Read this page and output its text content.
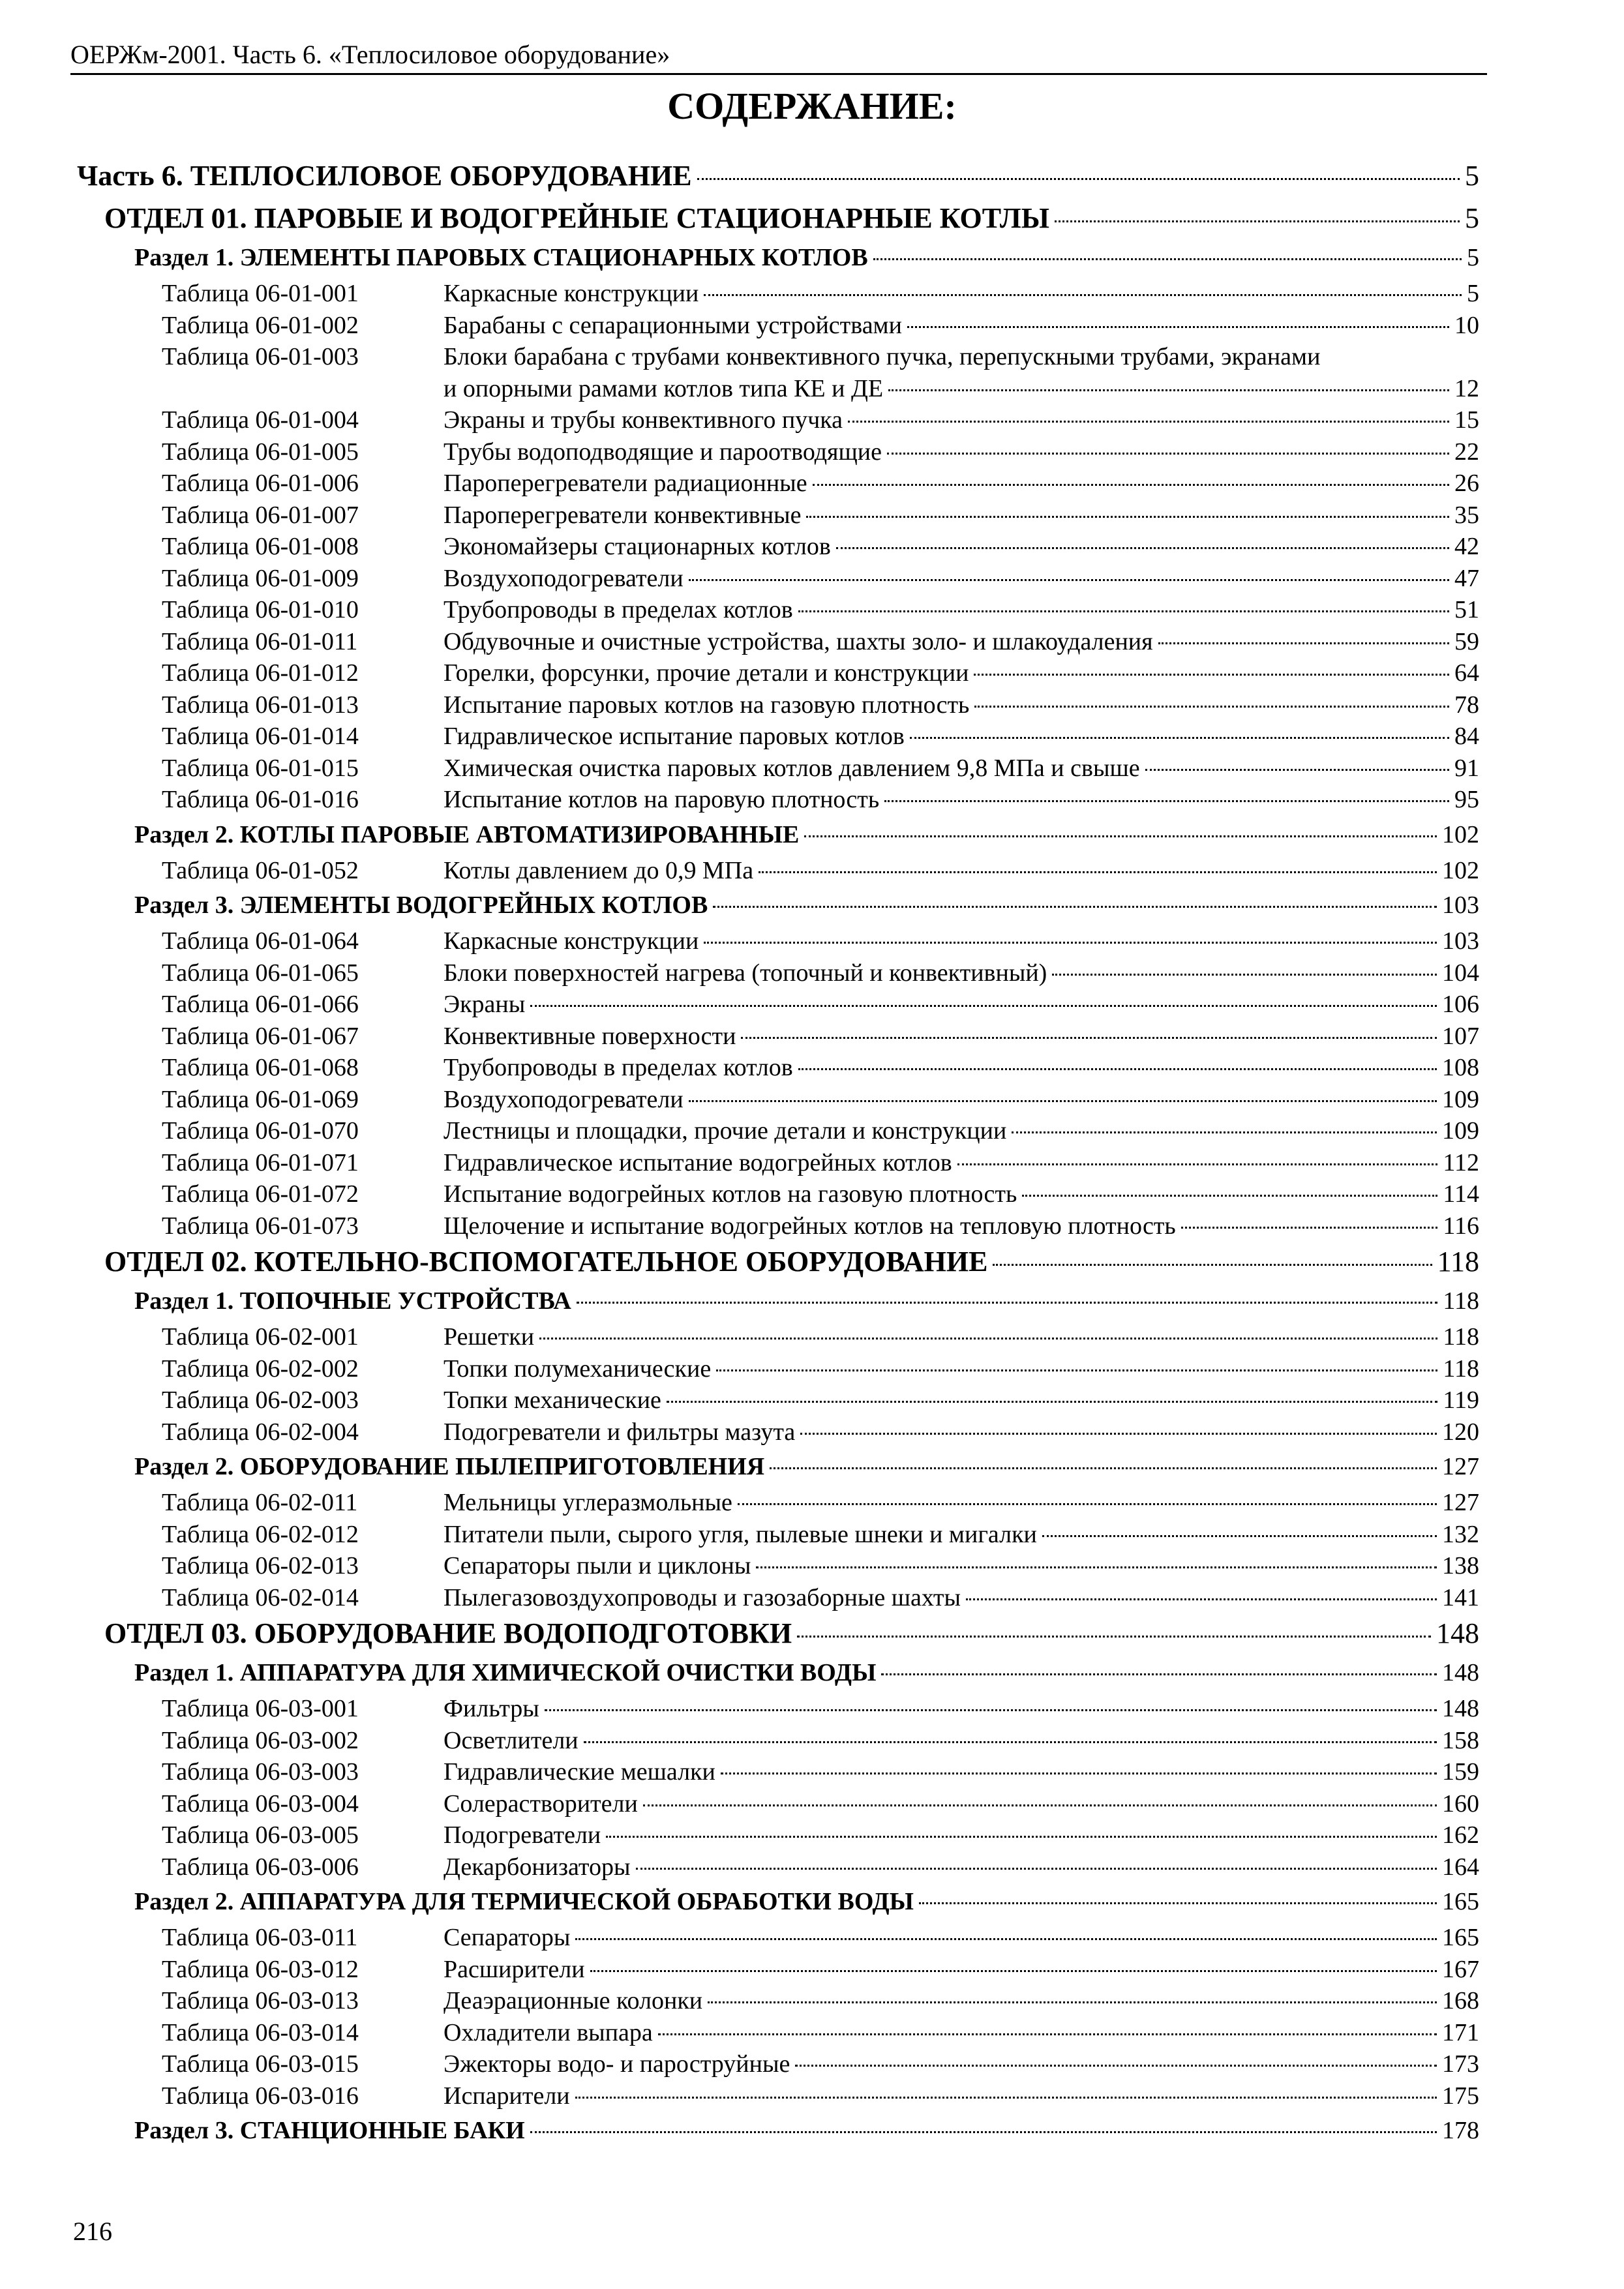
ОЕРЖм-2001. Часть 6. «Теплосиловое оборудование»
СОДЕРЖАНИЕ:
Часть 6. ТЕПЛОСИЛОВОЕ ОБОРУДОВАНИЕ	5
ОТДЕЛ 01. ПАРОВЫЕ И ВОДОГРЕЙНЫЕ СТАЦИОНАРНЫЕ КОТЛЫ	5
Раздел 1. ЭЛЕМЕНТЫ ПАРОВЫХ СТАЦИОНАРНЫХ КОТЛОВ	5
Таблица 06-01-001	Каркасные конструкции	5
Таблица 06-01-002	Барабаны с сепарационными устройствами	10
Таблица 06-01-003	Блоки барабана с трубами конвективного пучка, перепускными трубами, экранами
и опорными рамами котлов типа КЕ и ДЕ	12
Таблица 06-01-004	Экраны и трубы конвективного пучка	15
Таблица 06-01-005	Трубы водоподводящие и пароотводящие	22
Таблица 06-01-006	Пароперегреватели радиационные	26
Таблица 06-01-007	Пароперегреватели конвективные	35
Таблица 06-01-008	Экономайзеры стационарных котлов	42
Таблица 06-01-009	Воздухоподогреватели	47
Таблица 06-01-010	Трубопроводы в пределах котлов	51
Таблица 06-01-011	Обдувочные и очистные устройства, шахты золо- и шлакоудаления	59
Таблица 06-01-012	Горелки, форсунки, прочие детали и конструкции	64
Таблица 06-01-013	Испытание паровых котлов на газовую плотность	78
Таблица 06-01-014	Гидравлическое испытание паровых котлов	84
Таблица 06-01-015	Химическая очистка паровых котлов давлением 9,8 МПа и свыше	91
Таблица 06-01-016	Испытание котлов на паровую плотность	95
Раздел 2. КОТЛЫ ПАРОВЫЕ АВТОМАТИЗИРОВАННЫЕ	102
Таблица 06-01-052	Котлы давлением до 0,9 МПа	102
Раздел 3. ЭЛЕМЕНТЫ ВОДОГРЕЙНЫХ КОТЛОВ	103
Таблица 06-01-064	Каркасные конструкции	103
Таблица 06-01-065	Блоки поверхностей нагрева (топочный и конвективный)	104
Таблица 06-01-066	Экраны	106
Таблица 06-01-067	Конвективные поверхности	107
Таблица 06-01-068	Трубопроводы в пределах котлов	108
Таблица 06-01-069	Воздухоподогреватели	109
Таблица 06-01-070	Лестницы и площадки, прочие детали и конструкции	109
Таблица 06-01-071	Гидравлическое испытание водогрейных котлов	112
Таблица 06-01-072	Испытание водогрейных котлов на газовую плотность	114
Таблица 06-01-073	Щелочение и испытание водогрейных котлов на тепловую плотность	116
ОТДЕЛ 02. КОТЕЛЬНО-ВСПОМОГАТЕЛЬНОЕ ОБОРУДОВАНИЕ	118
Раздел 1. ТОПОЧНЫЕ УСТРОЙСТВА	118
Таблица 06-02-001	Решетки	118
Таблица 06-02-002	Топки полумеханические	118
Таблица 06-02-003	Топки механические	119
Таблица 06-02-004	Подогреватели и фильтры мазута	120
Раздел 2. ОБОРУДОВАНИЕ ПЫЛЕПРИГОТОВЛЕНИЯ	127
Таблица 06-02-011	Мельницы углеразмольные	127
Таблица 06-02-012	Питатели пыли, сырого угля, пылевые шнеки и мигалки	132
Таблица 06-02-013	Сепараторы пыли и циклоны	138
Таблица 06-02-014	Пылегазовоздухопроводы и газозаборные шахты	141
ОТДЕЛ 03. ОБОРУДОВАНИЕ ВОДОПОДГОТОВКИ	148
Раздел 1. АППАРАТУРА ДЛЯ ХИМИЧЕСКОЙ ОЧИСТКИ ВОДЫ	148
Таблица 06-03-001	Фильтры	148
Таблица 06-03-002	Осветлители	158
Таблица 06-03-003	Гидравлические мешалки	159
Таблица 06-03-004	Солерастворители	160
Таблица 06-03-005	Подогреватели	162
Таблица 06-03-006	Декарбонизаторы	164
Раздел 2. АППАРАТУРА ДЛЯ ТЕРМИЧЕСКОЙ ОБРАБОТКИ ВОДЫ	165
Таблица 06-03-011	Сепараторы	165
Таблица 06-03-012	Расширители	167
Таблица 06-03-013	Деаэрационные колонки	168
Таблица 06-03-014	Охладители выпара	171
Таблица 06-03-015	Эжекторы водо- и пароструйные	173
Таблица 06-03-016	Испарители	175
Раздел 3. СТАНЦИОННЫЕ БАКИ	178
216
